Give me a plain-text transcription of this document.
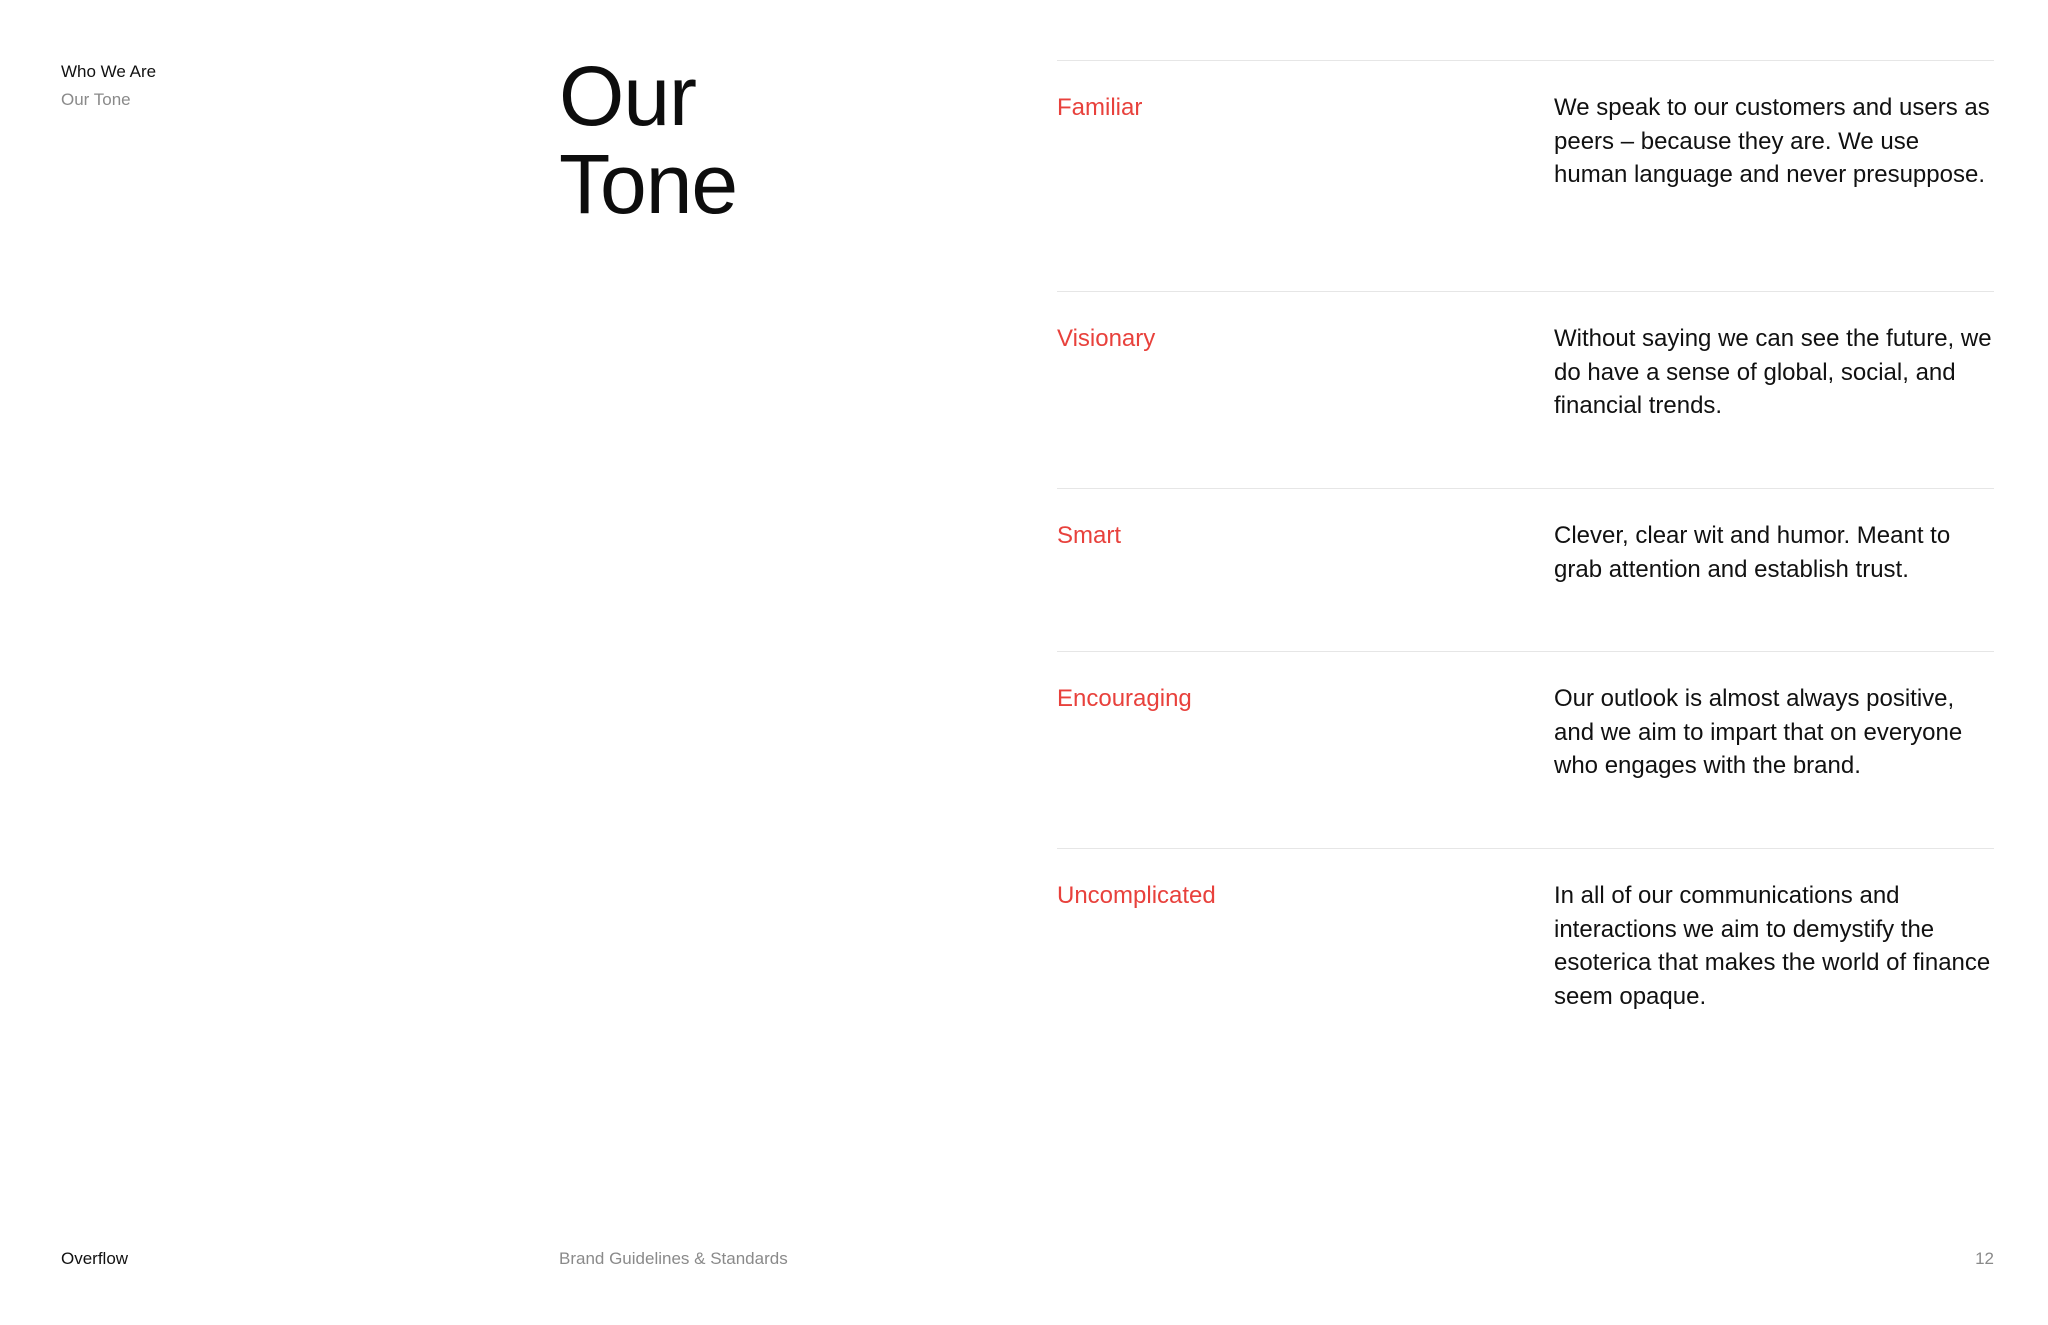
Who We Are
Our Tone	Our
Tone
Familiar	We speak to our customers and users as peers – because they are. We use human language and never presuppose.
Visionary	Without saying we can see the future, we do have a sense of global, social, and financial trends.
Smart	Clever, clear wit and humor. Meant to grab attention and establish trust.
Encouraging	Our outlook is almost always positive, and we aim to impart that on everyone who engages with the brand.
Uncomplicated	In all of our communications and interactions we aim to demystify the esoterica that makes the world of finance seem opaque.
Overflow	Brand Guidelines & Standards	12
